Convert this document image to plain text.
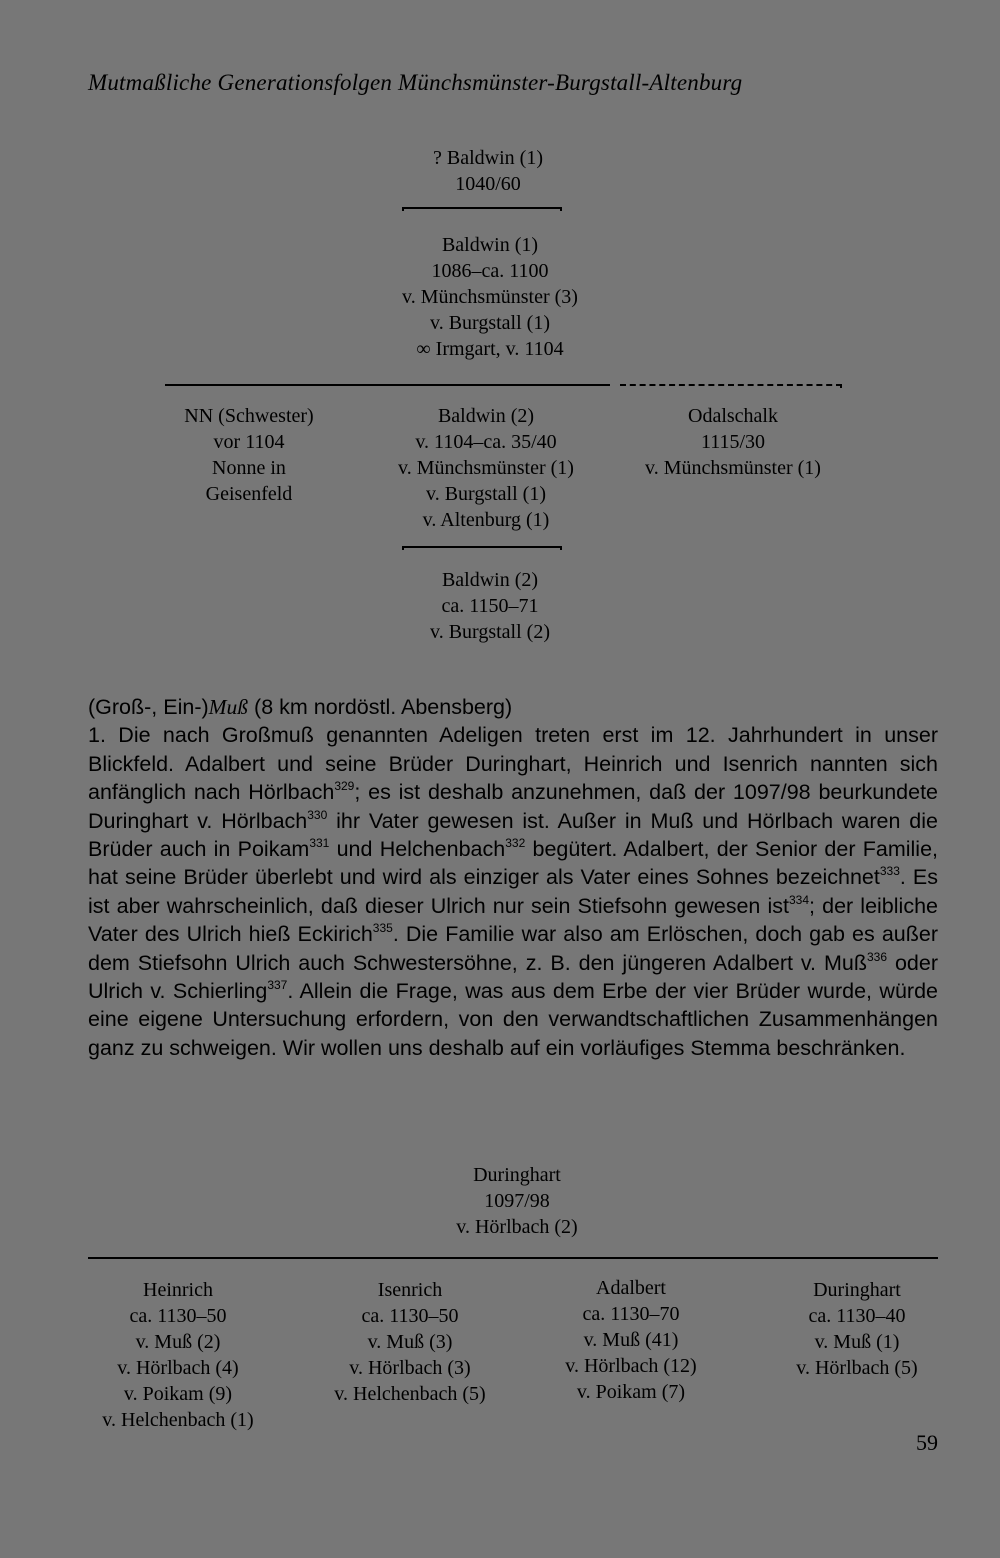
Mutmaßliche Generationsfolgen Münchsmünster-Burgstall-Altenburg
? Baldwin (1)
1040/60
Baldwin (1)
1086–ca. 1100
v. Münchsmünster (3)
v. Burgstall (1)
∞ Irmgart, v. 1104
NN (Schwester)
vor 1104
Nonne in
Geisenfeld
Baldwin (2)
v. 1104–ca. 35/40
v. Münchsmünster (1)
v. Burgstall (1)
v. Altenburg (1)
Odalschalk
1115/30
v. Münchsmünster (1)
Baldwin (2)
ca. 1150–71
v. Burgstall (2)

(Groß-, Ein-)Muß (8 km nordöstl. Abensberg)

1. Die nach Großmuß genannten Adeligen treten erst im 12. Jahrhundert in unser Blickfeld. Adalbert und seine Brüder Duringhart, Heinrich und Isenrich nannten sich anfänglich nach Hörlbach$^{329}$; es ist deshalb anzunehmen, daß der 1097/98 beurkundete Duringhart v. Hörlbach$^{330}$ ihr Vater gewesen ist. Außer in Muß und Hörlbach waren die Brüder auch in Poikam$^{331}$ und Helchenbach$^{332}$ begütert. Adalbert, der Senior der Familie, hat seine Brüder überlebt und wird als einziger als Vater eines Sohnes bezeichnet$^{333}$. Es ist aber wahrscheinlich, daß dieser Ulrich nur sein Stiefsohn gewesen ist$^{334}$; der leibliche Vater des Ulrich hieß Eckirich$^{335}$. Die Familie war also am Erlöschen, doch gab es außer dem Stiefsohn Ulrich auch Schwestersöhne, z. B. den jüngeren Adalbert v. Muß$^{336}$ oder Ulrich v. Schierling$^{337}$. Allein die Frage, was aus dem Erbe der vier Brüder wurde, würde eine eigene Untersuchung erfordern, von den verwandtschaftlichen Zusammenhängen ganz zu schweigen. Wir wollen uns deshalb auf ein vorläufiges Stemma beschränken.

Duringhart
1097/98
v. Hörlbach (2)
Heinrich
ca. 1130–50
v. Muß (2)
v. Hörlbach (4)
v. Poikam (9)
v. Helchenbach (1)
Isenrich
ca. 1130–50
v. Muß (3)
v. Hörlbach (3)
v. Helchenbach (5)
Adalbert
ca. 1130–70
v. Muß (41)
v. Hörlbach (12)
v. Poikam (7)
Duringhart
ca. 1130–40
v. Muß (1)
v. Hörlbach (5)
59
